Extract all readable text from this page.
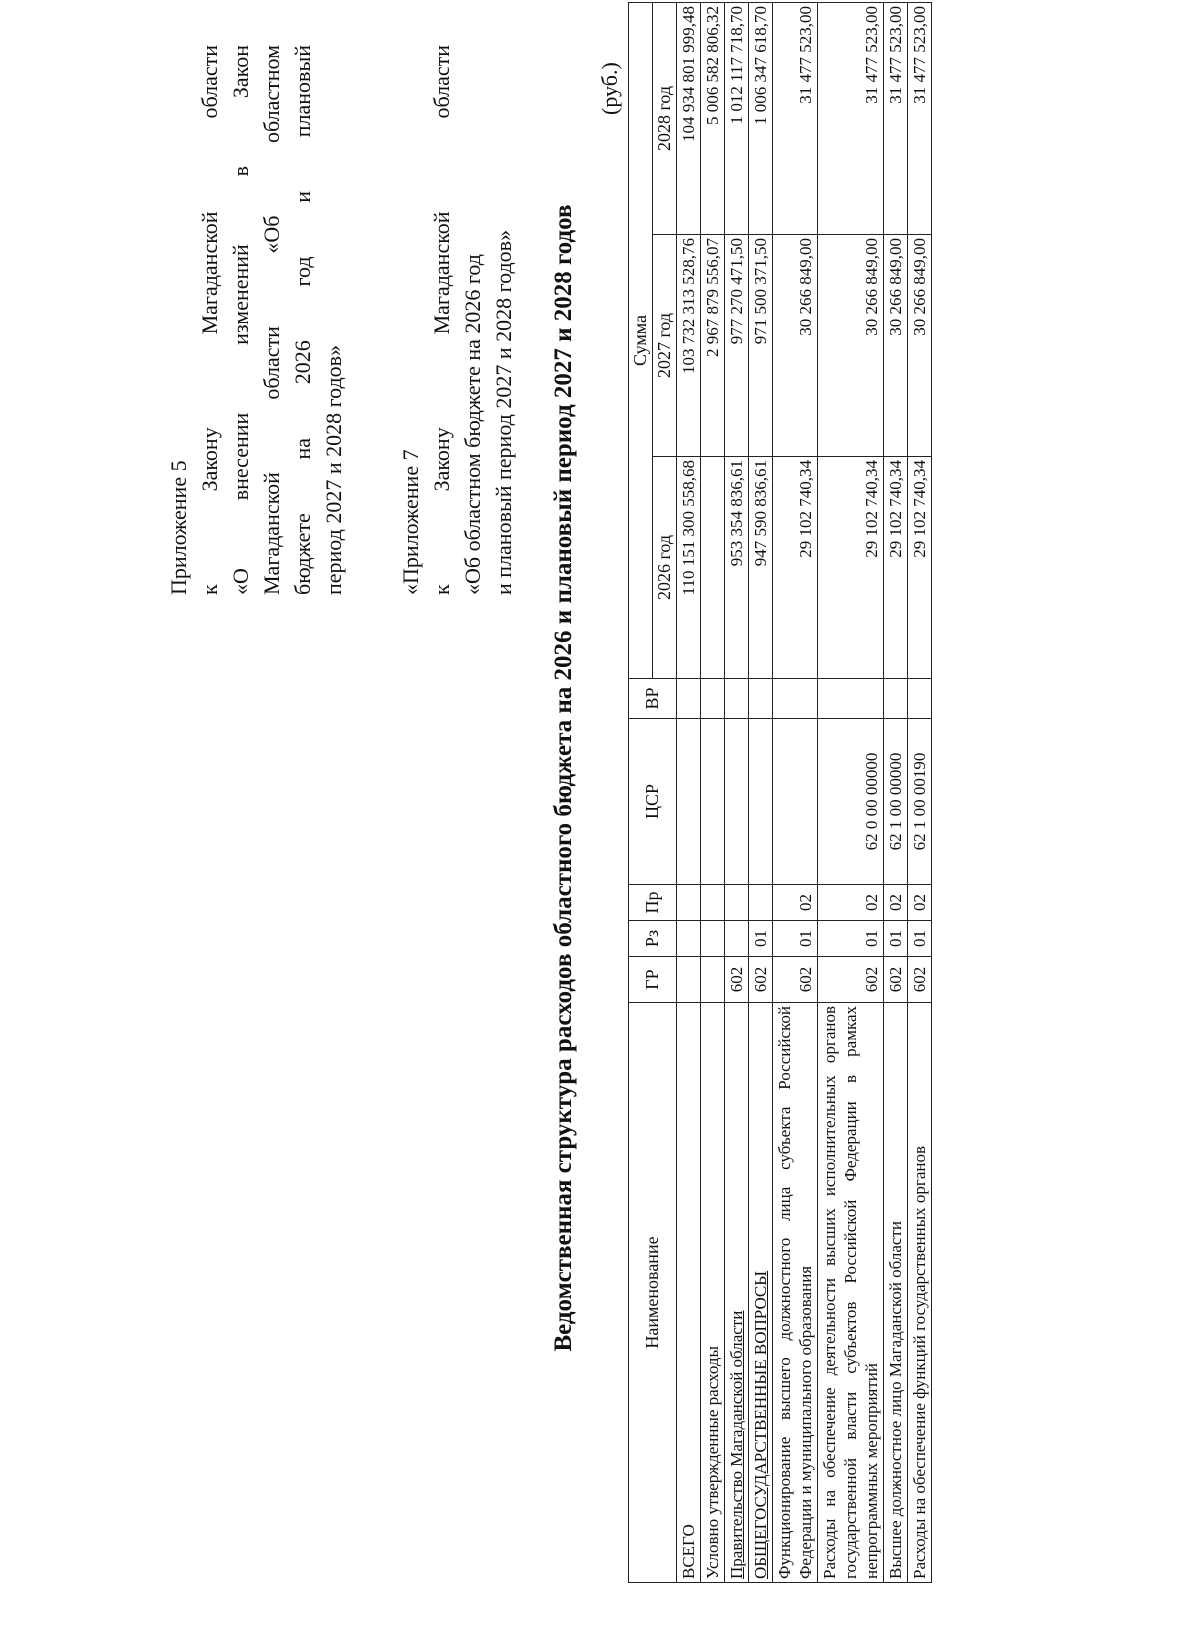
Приложение 5 к Закону Магаданской области «О внесении изменений в Закон Магаданской области «Об областном бюджете на 2026 год и плановый период 2027 и 2028 годов» «Приложение 7 к Закону Магаданской области «Об областном бюджете на 2026 год и плановый период 2027 и 2028 годов» Ведомственная структура расходов областного бюджета на 2026 и плановый период 2027 и 2028 годов
(руб.)
Наименование	ГР	Рз	Пр	ЦСР	ВР	Сумма		
						2026 год	2027 год	2028 год
ВСЕГО						110 151 300 558,68	103 732 313 528,76	104 934 801 999,48
Условно утвержденные расходы							2 967 879 556,07	5 006 582 806,32
Правительство Магаданской области	602					953 354 836,61	977 270 471,50	1 012 117 718,70
ОБЩЕГОСУДАРСТВЕННЫЕ ВОПРОСЫ	602	01				947 590 836,61	971 500 371,50	1 006 347 618,70
Функционирование высшего должностного лица субъекта Российской Федерации и муниципального образования	602	01	02			29 102 740,34	30 266 849,00	31 477 523,00
Расходы на обеспечение деятельности высших исполнительных органов государственной власти субъектов Российской Федерации в рамках непрограммных мероприятий	602	01	02	62 0 00 00000		29 102 740,34	30 266 849,00	31 477 523,00
Высшее должностное лицо Магаданской области	602	01	02	62 1 00 00000		29 102 740,34	30 266 849,00	31 477 523,00
Расходы на обеспечение функций государственных органов	602	01	02	62 1 00 00190		29 102 740,34	30 266 849,00	31 477 523,00
